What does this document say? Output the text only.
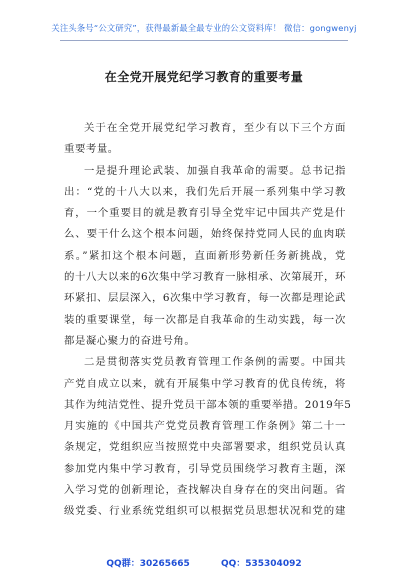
关注头条号“公文研究”，获得最新最全最专业的公文资料库！ 微信：gongwenyj
在全党开展党纪学习教育的重要考量
关于在全党开展党纪学习教育，至少有以下三个方面
重要考量。
一是提升理论武装、加强自我革命的需要。总书记指
出：“党的十八大以来，我们先后开展一系列集中学习教
育，一个重要目的就是教育引导全党牢记中国共产党是什
么、要干什么这个根本问题，始终保持党同人民的血肉联
系。”紧扣这个根本问题，直面新形势新任务新挑战，党
的十八大以来的6次集中学习教育一脉相承、次第展开，环
环紧扣、层层深入，6次集中学习教育，每一次都是理论武
装的重要课堂，每一次都是自我革命的生动实践，每一次
都是凝心聚力的奋进号角。
二是贯彻落实党员教育管理工作条例的需要。中国共
产党自成立以来，就有开展集中学习教育的优良传统，将
其作为纯洁党性、提升党员干部本领的重要举措。2019年5
月实施的《中国共产党党员教育管理工作条例》第二十一
条规定，党组织应当按照党中央部署要求，组织党员认真
参加党内集中学习教育，引导党员围绕学习教育主题，深
入学习党的创新理论，查找解决自身存在的突出问题。省
级党委、行业系统党组织可以根据党员思想状况和党的建
QQ群：30265665	QQ：535304092
